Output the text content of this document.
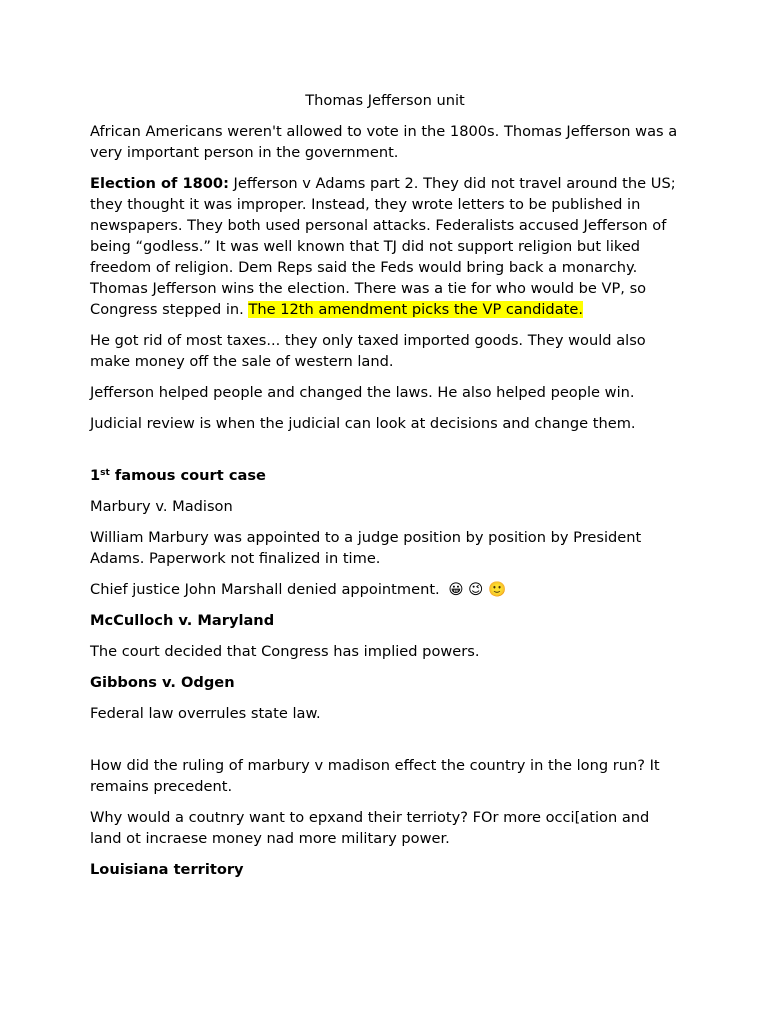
Thomas Jefferson unit
African Americans weren't allowed to vote in the 1800s. Thomas Jefferson was a very important person in the government.
Election of 1800: Jefferson v Adams part 2. They did not travel around the US; they thought it was improper. Instead, they wrote letters to be published in newspapers. They both used personal attacks. Federalists accused Jefferson of being “godless.” It was well known that TJ did not support religion but liked freedom of religion. Dem Reps said the Feds would bring back a monarchy. Thomas Jefferson wins the election. There was a tie for who would be VP, so Congress stepped in. The 12th amendment picks the VP candidate.
He got rid of most taxes... they only taxed imported goods. They would also make money off the sale of western land.
Jefferson helped people and changed the laws. He also helped people win.
Judicial review is when the judicial can look at decisions and change them.
1st famous court case
Marbury v. Madison
William Marbury was appointed to a judge position by position by President Adams. Paperwork not finalized in time.
Chief justice John Marshall denied appointment. 😀 😉 🙂
McCulloch v. Maryland
The court decided that Congress has implied powers.
Gibbons v. Odgen
Federal law overrules state law.
How did the ruling of marbury v madison effect the country in the long run? It remains precedent.
Why would a coutnry want to epxand their terrioty? FOr more occi[ation and land ot incraese money nad more military power.
Louisiana territory
